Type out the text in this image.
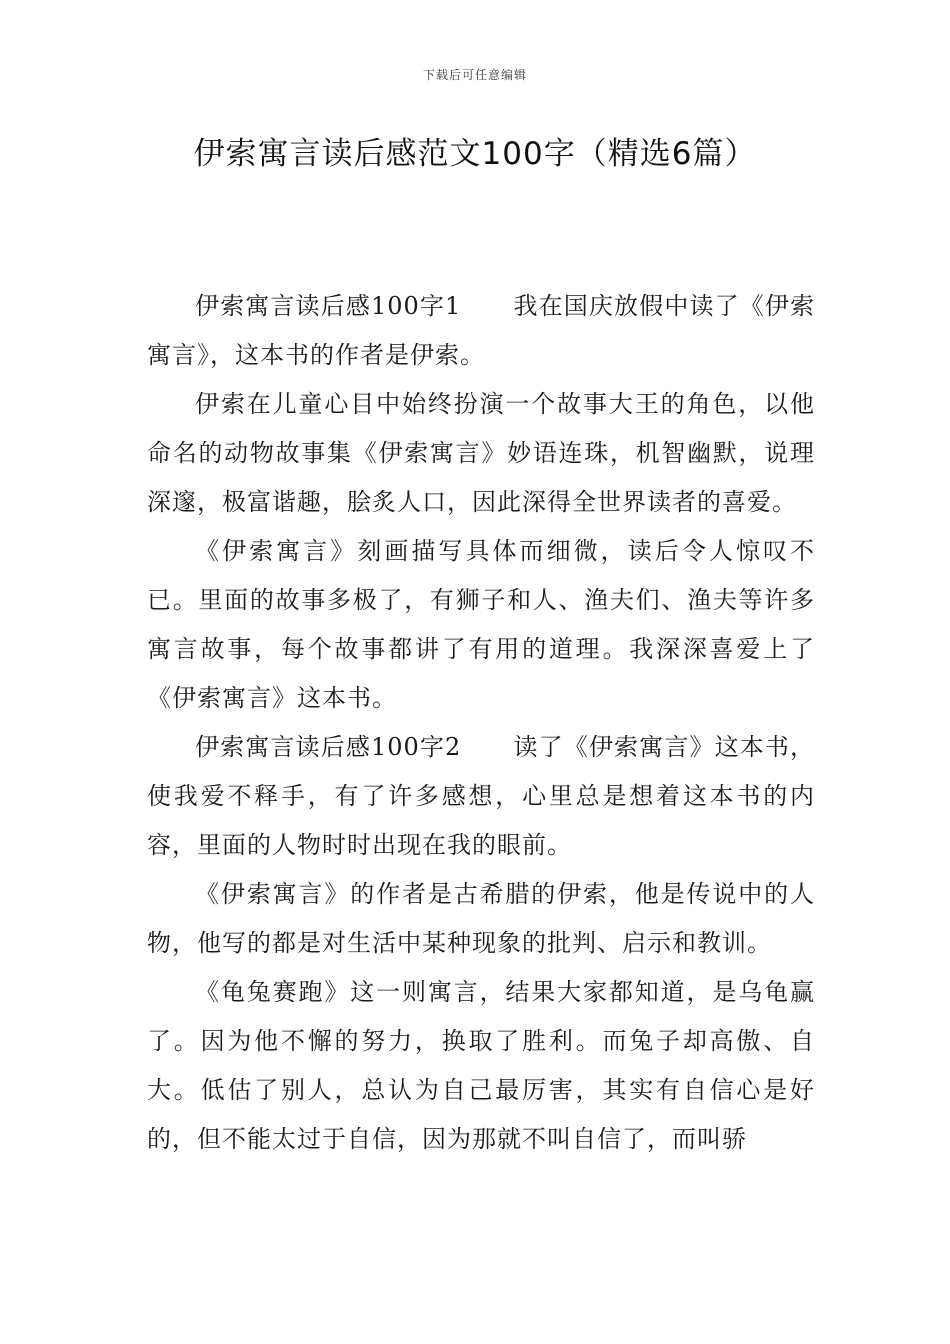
下载后可任意编辑
伊索寓言读后感范文100字（精选6篇）

伊索寓言读后感100字1 我在国庆放假中读了《伊索寓言》，这本书的作者是伊索。

伊索在儿童心目中始终扮演一个故事大王的角色，以他命名的动物故事集《伊索寓言》妙语连珠，机智幽默，说理深邃，极富谐趣，脍炙人口，因此深得全世界读者的喜爱。

《伊索寓言》刻画描写具体而细微，读后令人惊叹不已。里面的故事多极了，有狮子和人、渔夫们、渔夫等许多寓言故事，每个故事都讲了有用的道理。我深深喜爱上了《伊索寓言》这本书。

伊索寓言读后感100字2 读了《伊索寓言》这本书，使我爱不释手，有了许多感想，心里总是想着这本书的内容，里面的人物时时出现在我的眼前。

《伊索寓言》的作者是古希腊的伊索，他是传说中的人物，他写的都是对生活中某种现象的批判、启示和教训。

《龟兔赛跑》这一则寓言，结果大家都知道，是乌龟赢了。因为他不懈的努力，换取了胜利。而兔子却高傲、自大。低估了别人，总认为自己最厉害，其实有自信心是好的，但不能太过于自信，因为那就不叫自信了，而叫骄
